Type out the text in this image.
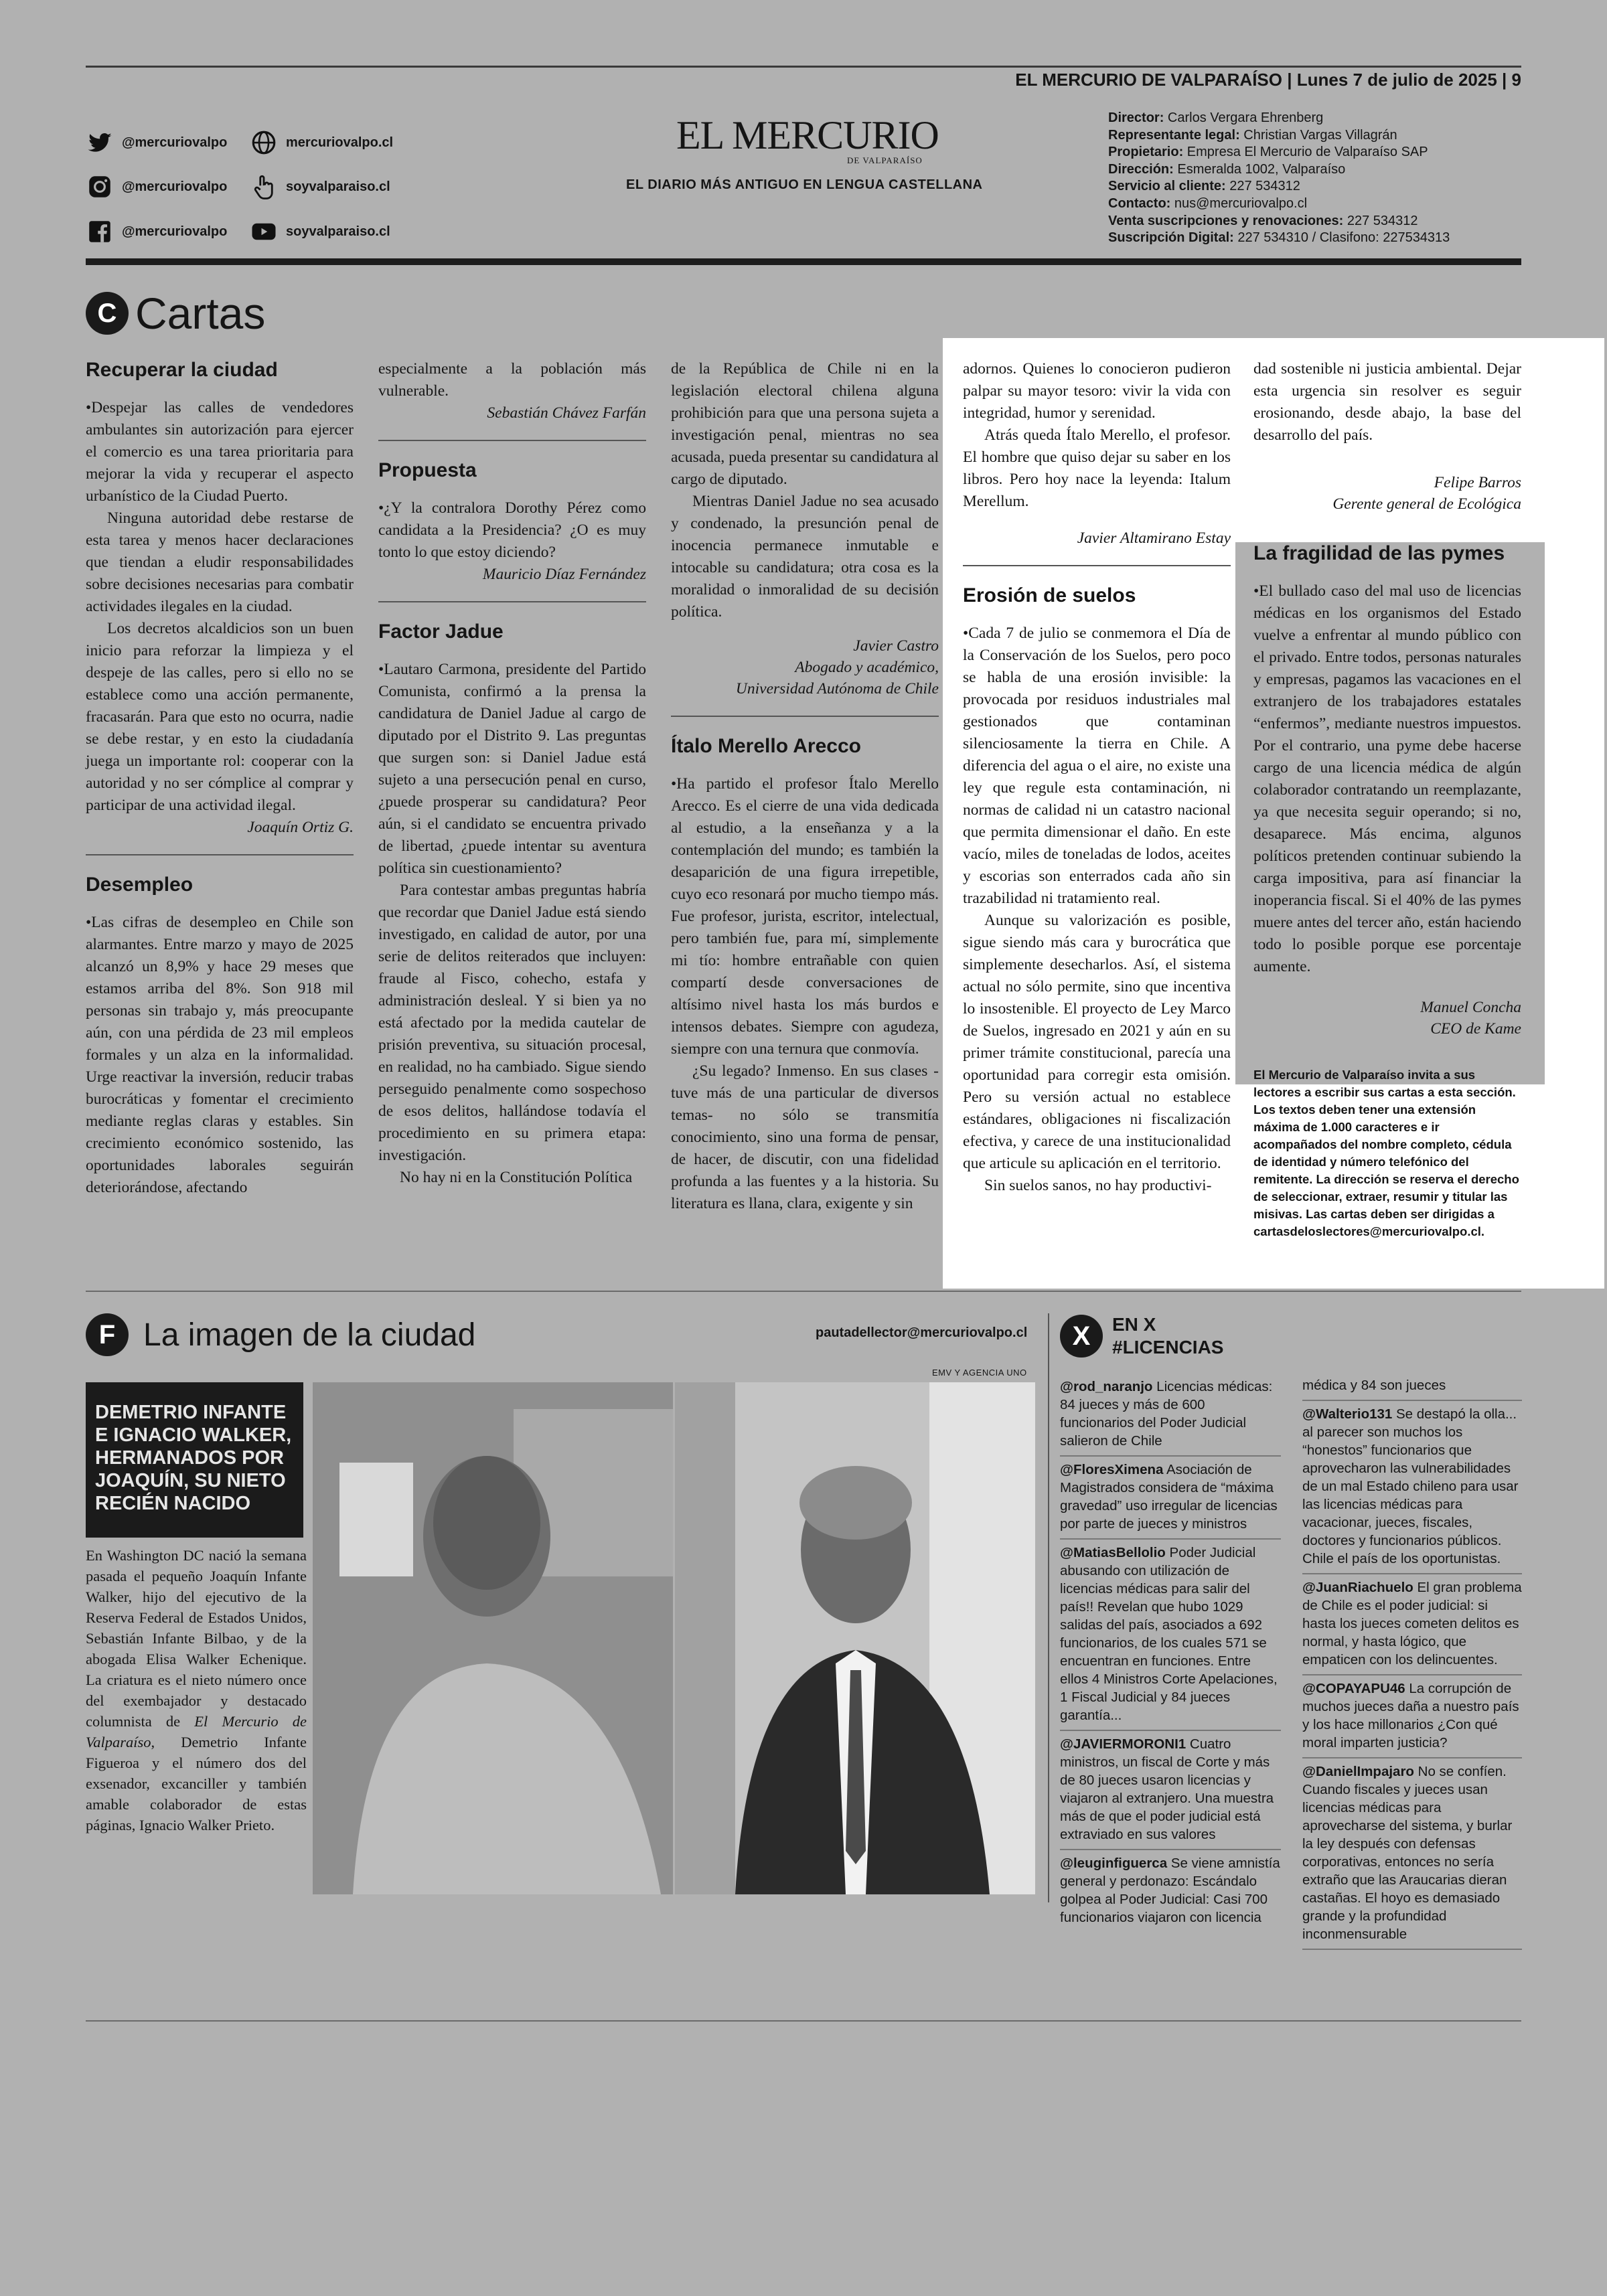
EL MERCURIO DE VALPARAÍSO | Lunes 7 de julio de 2025 | 9
@mercuriovalpo	mercuriovalpo.cl
@mercuriovalpo	soyvalparaiso.cl
@mercuriovalpo	soyvalparaiso.cl
EL MERCURIO
DE VALPARAÍSO
EL DIARIO MÁS ANTIGUO EN LENGUA CASTELLANA
Director: Carlos Vergara Ehrenberg
Representante legal: Christian Vargas Villagrán
Propietario: Empresa El Mercurio de Valparaíso SAP
Dirección: Esmeralda 1002, Valparaíso
Servicio al cliente: 227 534312
Contacto: nus@mercuriovalpo.cl
Venta suscripciones y renovaciones: 227 534312
Suscripción Digital: 227 534310 / Clasifono: 227534313
C Cartas
Recuperar la ciudad

•Despejar las calles de vendedores ambulantes sin autorización para ejercer el comercio es una tarea prioritaria para mejorar la vida y recuperar el aspecto urbanístico de la Ciudad Puerto.

Ninguna autoridad debe restarse de esta tarea y menos hacer declaraciones que tiendan a eludir responsabilidades sobre decisiones necesarias para combatir actividades ilegales en la ciudad.

Los decretos alcaldicios son un buen inicio para reforzar la limpieza y el despeje de las calles, pero si ello no se establece como una acción permanente, fracasarán. Para que esto no ocurra, nadie se debe restar, y en esto la ciudadanía juega un importante rol: cooperar con la autoridad y no ser cómplice al comprar y participar de una actividad ilegal.

Joaquín Ortiz G.

Desempleo

•Las cifras de desempleo en Chile son alarmantes. Entre marzo y mayo de 2025 alcanzó un 8,9% y hace 29 meses que estamos arriba del 8%. Son 918 mil personas sin trabajo y, más preocupante aún, con una pérdida de 23 mil empleos formales y un alza en la informalidad. Urge reactivar la inversión, reducir trabas burocráticas y fomentar el crecimiento mediante reglas claras y estables. Sin crecimiento económico sostenido, las oportunidades laborales seguirán deteriorándose, afectando

especialmente a la población más vulnerable.

Sebastián Chávez Farfán

Propuesta

•¿Y la contralora Dorothy Pérez como candidata a la Presidencia? ¿O es muy tonto lo que estoy diciendo?

Mauricio Díaz Fernández

Factor Jadue

•Lautaro Carmona, presidente del Partido Comunista, confirmó a la prensa la candidatura de Daniel Jadue al cargo de diputado por el Distrito 9. Las preguntas que surgen son: si Daniel Jadue está sujeto a una persecución penal en curso, ¿puede prosperar su candidatura? Peor aún, si el candidato se encuentra privado de libertad, ¿puede intentar su aventura política sin cuestionamiento?

Para contestar ambas preguntas habría que recordar que Daniel Jadue está siendo investigado, en calidad de autor, por una serie de delitos reiterados que incluyen: fraude al Fisco, cohecho, estafa y administración desleal. Y si bien ya no está afectado por la medida cautelar de prisión preventiva, su situación procesal, en realidad, no ha cambiado. Sigue siendo perseguido penalmente como sospechoso de esos delitos, hallándose todavía el procedimiento en su primera etapa: investigación.

No hay ni en la Constitución Política

de la República de Chile ni en la legislación electoral chilena alguna prohibición para que una persona sujeta a investigación penal, mientras no sea acusada, pueda presentar su candidatura al cargo de diputado.

Mientras Daniel Jadue no sea acusado y condenado, la presunción penal de inocencia permanece inmutable e intocable su candidatura; otra cosa es la moralidad o inmoralidad de su decisión política.

Javier Castro

Abogado y académico,

Universidad Autónoma de Chile

Ítalo Merello Arecco

•Ha partido el profesor Ítalo Merello Arecco. Es el cierre de una vida dedicada al estudio, a la enseñanza y a la contemplación del mundo; es también la desaparición de una figura irrepetible, cuyo eco resonará por mucho tiempo más. Fue profesor, jurista, escritor, intelectual, pero también fue, para mí, simplemente mi tío: hombre entrañable con quien compartí desde conversaciones de altísimo nivel hasta los más burdos e intensos debates. Siempre con agudeza, siempre con una ternura que conmovía.

¿Su legado? Inmenso. En sus clases -tuve más de una particular de diversos temas- no sólo se transmitía conocimiento, sino una forma de pensar, de hacer, de discutir, con una fidelidad profunda a las fuentes y a la historia. Su literatura es llana, clara, exigente y sin

adornos. Quienes lo conocieron pudieron palpar su mayor tesoro: vivir la vida con integridad, humor y serenidad.

Atrás queda Ítalo Merello, el profesor. El hombre que quiso dejar su saber en los libros. Pero hoy nace la leyenda: Italum Merellum.

Javier Altamirano Estay

Erosión de suelos

•Cada 7 de julio se conmemora el Día de la Conservación de los Suelos, pero poco se habla de una erosión invisible: la provocada por residuos industriales mal gestionados que contaminan silenciosamente la tierra en Chile. A diferencia del agua o el aire, no existe una ley que regule esta contaminación, ni normas de calidad ni un catastro nacional que permita dimensionar el daño. En este vacío, miles de toneladas de lodos, aceites y escorias son enterrados cada año sin trazabilidad ni tratamiento real.

Aunque su valorización es posible, sigue siendo más cara y burocrática que simplemente desecharlos. Así, el sistema actual no sólo permite, sino que incentiva lo insostenible. El proyecto de Ley Marco de Suelos, ingresado en 2021 y aún en su primer trámite constitucional, parecía una oportunidad para corregir esta omisión. Pero su versión actual no establece estándares, obligaciones ni fiscalización efectiva, y carece de una institucionalidad que articule su aplicación en el territorio.

Sin suelos sanos, no hay productivi-

dad sostenible ni justicia ambiental. Dejar esta urgencia sin resolver es seguir erosionando, desde abajo, la base del desarrollo del país.

Felipe Barros

Gerente general de Ecológica

La fragilidad de las pymes

•El bullado caso del mal uso de licencias médicas en los organismos del Estado vuelve a enfrentar al mundo público con el privado. Entre todos, personas naturales y empresas, pagamos las vacaciones en el extranjero de los trabajadores estatales “enfermos”, mediante nuestros impuestos. Por el contrario, una pyme debe hacerse cargo de una licencia médica de algún colaborador contratando un reemplazante, ya que necesita seguir operando; si no, desaparece. Más encima, algunos políticos pretenden continuar subiendo la carga impositiva, para así financiar la inoperancia fiscal. Si el 40% de las pymes muere antes del tercer año, están haciendo todo lo posible porque ese porcentaje aumente.

Manuel Concha

CEO de Kame

El Mercurio de Valparaíso invita a sus lectores a escribir sus cartas a esta sección. Los textos deben tener una extensión máxima de 1.000 caracteres e ir acompañados del nombre completo, cédula de identidad y número telefónico del remitente. La dirección se reserva el derecho de seleccionar, extraer, resumir y titular las misivas. Las cartas deben ser dirigidas a cartasdeloslectores@mercuriovalpo.cl.
F La imagen de la ciudad	pautadellector@mercuriovalpo.cl
EMV Y AGENCIA UNO
DEMETRIO INFANTE E IGNACIO WALKER, HERMANADOS POR JOAQUÍN, SU NIETO RECIÉN NACIDO
En Washington DC nació la semana pasada el pequeño Joaquín Infante Walker, hijo del ejecutivo de la Reserva Federal de Estados Unidos, Sebastián Infante Bilbao, y de la abogada Elisa Walker Echenique. La criatura es el nieto número once del exembajador y destacado columnista de El Mercurio de Valparaíso, Demetrio Infante Figueroa y el número dos del exsenador, excanciller y también amable colaborador de estas páginas, Ignacio Walker Prieto.
X	EN X
#LICENCIAS
@rod_naranjo Licencias médicas: 84 jueces y más de 600 funcionarios del Poder Judicial salieron de Chile
@FloresXimena Asociación de Magistrados considera de “máxima gravedad” uso irregular de licencias por parte de jueces y ministros
@MatiasBellolio Poder Judicial abusando con utilización de licencias médicas para salir del país!! Revelan que hubo 1029 salidas del país, asociados a 692 funcionarios, de los cuales 571 se encuentran en funciones. Entre ellos 4 Ministros Corte Apelaciones, 1 Fiscal Judicial y 84 jueces garantía...
@JAVIERMORONI1 Cuatro ministros, un fiscal de Corte y más de 80 jueces usaron licencias y viajaron al extranjero. Una muestra más de que el poder judicial está extraviado en sus valores
@leuginfiguerca Se viene amnistía general y perdonazo: Escándalo golpea al Poder Judicial: Casi 700 funcionarios viajaron con licencia
médica y 84 son jueces
@Walterio131 Se destapó la olla... al parecer son muchos los “honestos” funcionarios que aprovecharon las vulnerabilidades de un mal Estado chileno para usar las licencias médicas para vacacionar, jueces, fiscales, doctores y funcionarios públicos. Chile el país de los oportunistas.
@JuanRiachuelo El gran problema de Chile es el poder judicial: si hasta los jueces cometen delitos es normal, y hasta lógico, que empaticen con los delincuentes.
@COPAYAPU46 La corrupción de muchos jueces daña a nuestro país y los hace millonarios ¿Con qué moral imparten justicia?
@DanielImpajaro No se confíen. Cuando fiscales y jueces usan licencias médicas para aprovecharse del sistema, y burlar la ley después con defensas corporativas, entonces no sería extraño que las Araucarias dieran castañas. El hoyo es demasiado grande y la profundidad inconmensurable
